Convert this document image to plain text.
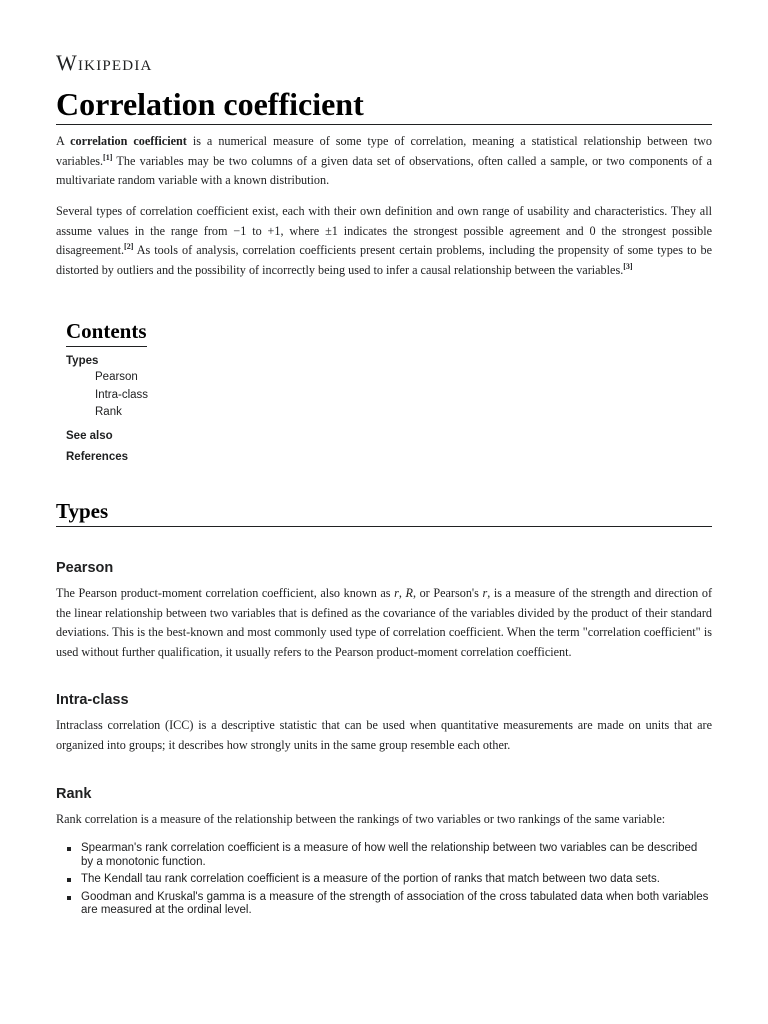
Wikipedia
Correlation coefficient

A correlation coefficient is a numerical measure of some type of correlation, meaning a statistical relationship between two variables.[1] The variables may be two columns of a given data set of observations, often called a sample, or two components of a multivariate random variable with a known distribution.

Several types of correlation coefficient exist, each with their own definition and own range of usability and characteristics. They all assume values in the range from −1 to +1, where ±1 indicates the strongest possible agreement and 0 the strongest possible disagreement.[2] As tools of analysis, correlation coefficients present certain problems, including the propensity of some types to be distorted by outliers and the possibility of incorrectly being used to infer a causal relationship between the variables.[3]

Contents
Types
Pearson
Intra-class
Rank
See also
References
Types
Pearson

The Pearson product-moment correlation coefficient, also known as r, R, or Pearson's r, is a measure of the strength and direction of the linear relationship between two variables that is defined as the covariance of the variables divided by the product of their standard deviations. This is the best-known and most commonly used type of correlation coefficient. When the term "correlation coefficient" is used without further qualification, it usually refers to the Pearson product-moment correlation coefficient.

Intra-class

Intraclass correlation (ICC) is a descriptive statistic that can be used when quantitative measurements are made on units that are organized into groups; it describes how strongly units in the same group resemble each other.

Rank

Rank correlation is a measure of the relationship between the rankings of two variables or two rankings of the same variable:

Spearman's rank correlation coefficient is a measure of how well the relationship between two variables can be described by a monotonic function.
The Kendall tau rank correlation coefficient is a measure of the portion of ranks that match between two data sets.
Goodman and Kruskal's gamma is a measure of the strength of association of the cross tabulated data when both variables are measured at the ordinal level.
